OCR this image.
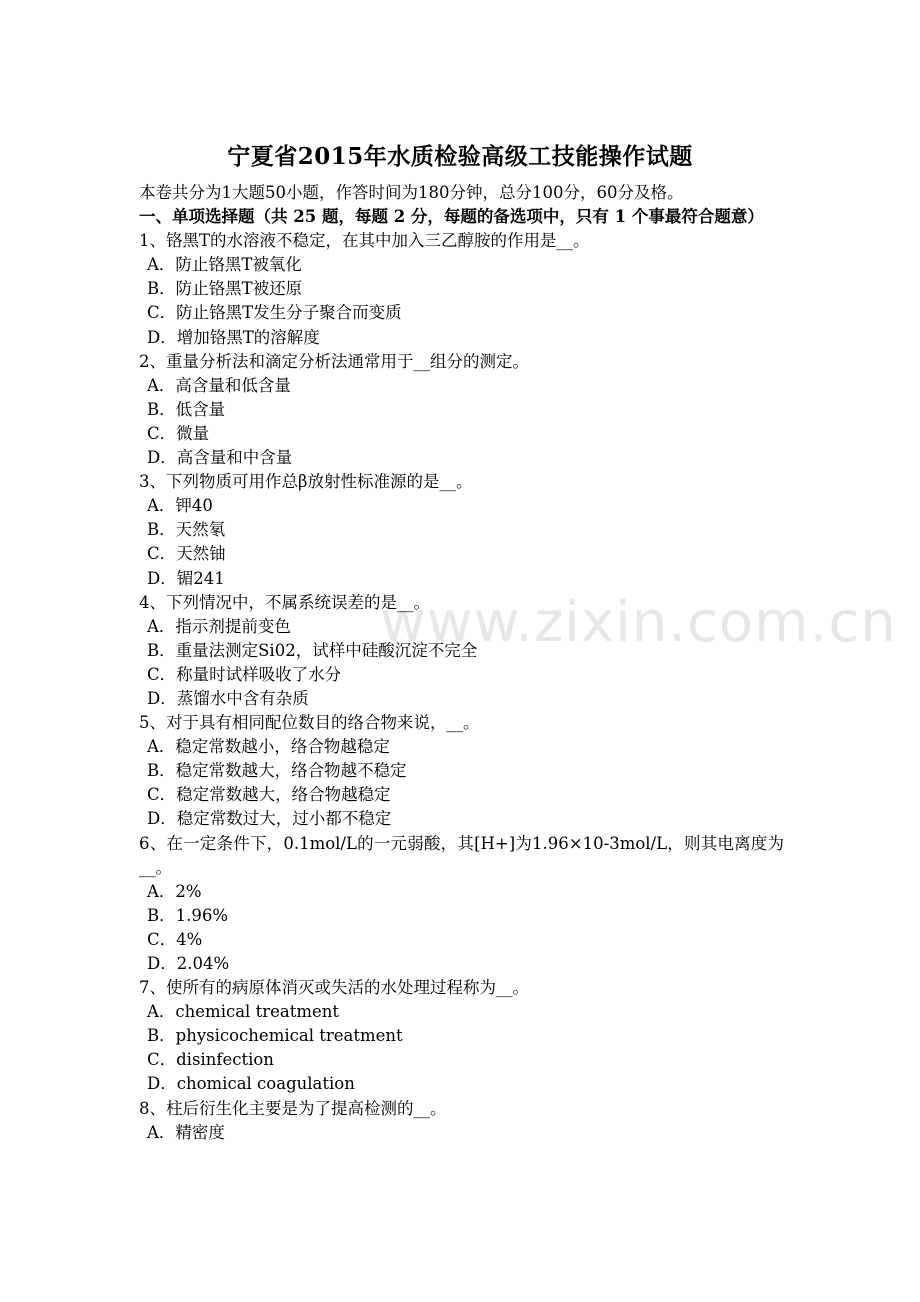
宁夏省2015年水质检验高级工技能操作试题
www.zixin.com.cn
本卷共分为1大题50小题，作答时间为180分钟，总分100分，60分及格。
一、单项选择题（共 25 题，每题 2 分，每题的备选项中，只有 1 个事最符合题意）
1、铬黑T的水溶液不稳定，在其中加入三乙醇胺的作用是__。
A．防止铬黑T被氧化
B．防止铬黑T被还原
C．防止铬黑T发生分子聚合而变质
D．增加铬黑T的溶解度
2、重量分析法和滴定分析法通常用于__组分的测定。
A．高含量和低含量
B．低含量
C．微量
D．高含量和中含量
3、下列物质可用作总β放射性标准源的是__。
A．钾40
B．天然氡
C．天然铀
D．镅241
4、下列情况中，不属系统误差的是__。
A．指示剂提前变色
B．重量法测定Si02，试样中硅酸沉淀不完全
C．称量时试样吸收了水分
D．蒸馏水中含有杂质
5、对于具有相同配位数目的络合物来说，__。
A．稳定常数越小，络合物越稳定
B．稳定常数越大，络合物越不稳定
C．稳定常数越大，络合物越稳定
D．稳定常数过大，过小都不稳定
6、在一定条件下，0.1mol/L的一元弱酸，其[H+]为1.96×10-3mol/L，则其电离度为__。
A．2%
B．1.96%
C．4%
D．2.04%
7、使所有的病原体消灭或失活的水处理过程称为__。
A．chemical treatment
B．physicochemical treatment
C．disinfection
D．chomical coagulation
8、柱后衍生化主要是为了提高检测的__。
A．精密度
